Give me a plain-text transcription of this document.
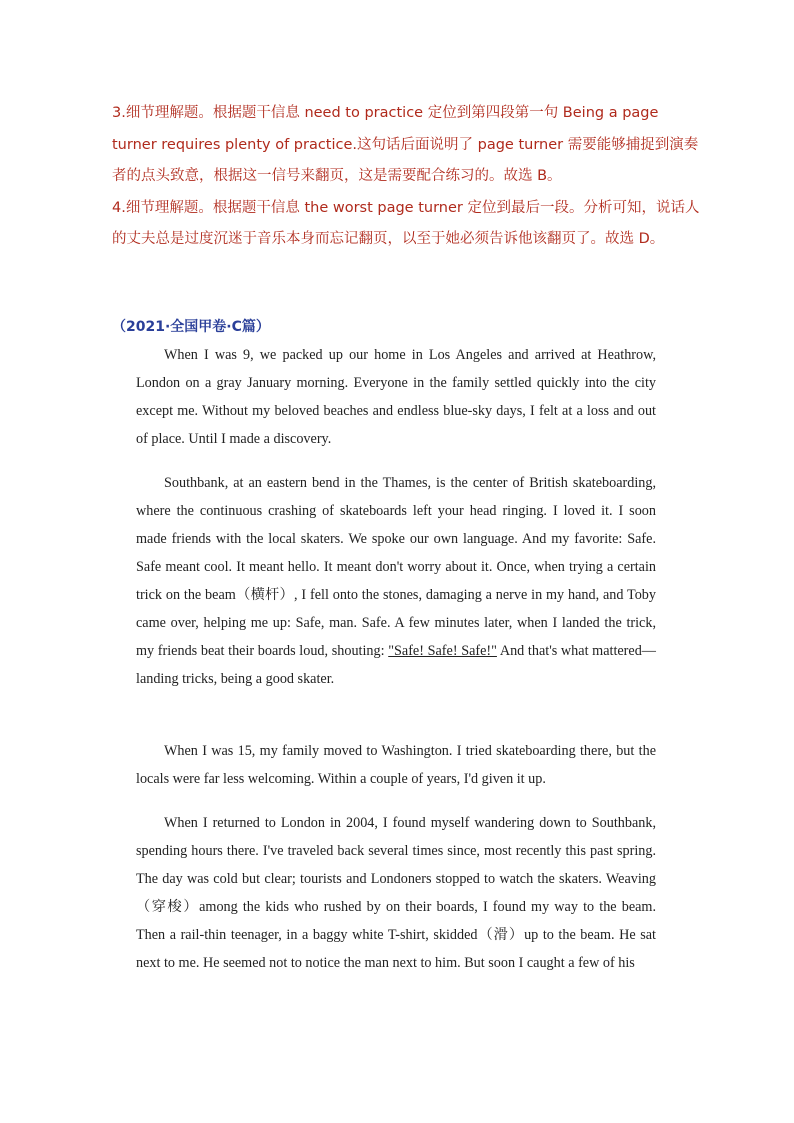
3.细节理解题。根据题干信息 need to practice 定位到第四段第一句 Being a page turner requires plenty of practice.这句话后面说明了 page turner 需要能够捕捉到演奏者的点头致意，根据这一信号来翻页，这是需要配合练习的。故选 B。

4.细节理解题。根据题干信息 the worst page turner 定位到最后一段。分析可知，说话人的丈夫总是过度沉迷于音乐本身而忘记翻页，以至于她必须告诉他该翻页了。故选 D。

（2021·全国甲卷·C篇）

When I was 9, we packed up our home in Los Angeles and arrived at Heathrow, London on a gray January morning. Everyone in the family settled quickly into the city except me. Without my beloved beaches and endless blue-sky days, I felt at a loss and out of place. Until I made a discovery.

Southbank, at an eastern bend in the Thames, is the center of British skateboarding, where the continuous crashing of skateboards left your head ringing. I loved it. I soon made friends with the local skaters. We spoke our own language. And my favorite: Safe. Safe meant cool. It meant hello. It meant don't worry about it. Once, when trying a certain trick on the beam（横杆）, I fell onto the stones, damaging a nerve in my hand, and Toby came over, helping me up: Safe, man. Safe. A few minutes later, when I landed the trick, my friends beat their boards loud, shouting: "Safe! Safe! Safe!" And that's what mattered—landing tricks, being a good skater.

When I was 15, my family moved to Washington. I tried skateboarding there, but the locals were far less welcoming. Within a couple of years, I'd given it up.

When I returned to London in 2004, I found myself wandering down to Southbank, spending hours there. I've traveled back several times since, most recently this past spring. The day was cold but clear; tourists and Londoners stopped to watch the skaters. Weaving（穿梭）among the kids who rushed by on their boards, I found my way to the beam. Then a rail-thin teenager, in a baggy white T-shirt, skidded（滑）up to the beam. He sat next to me. He seemed not to notice the man next to him. But soon I caught a few of his
